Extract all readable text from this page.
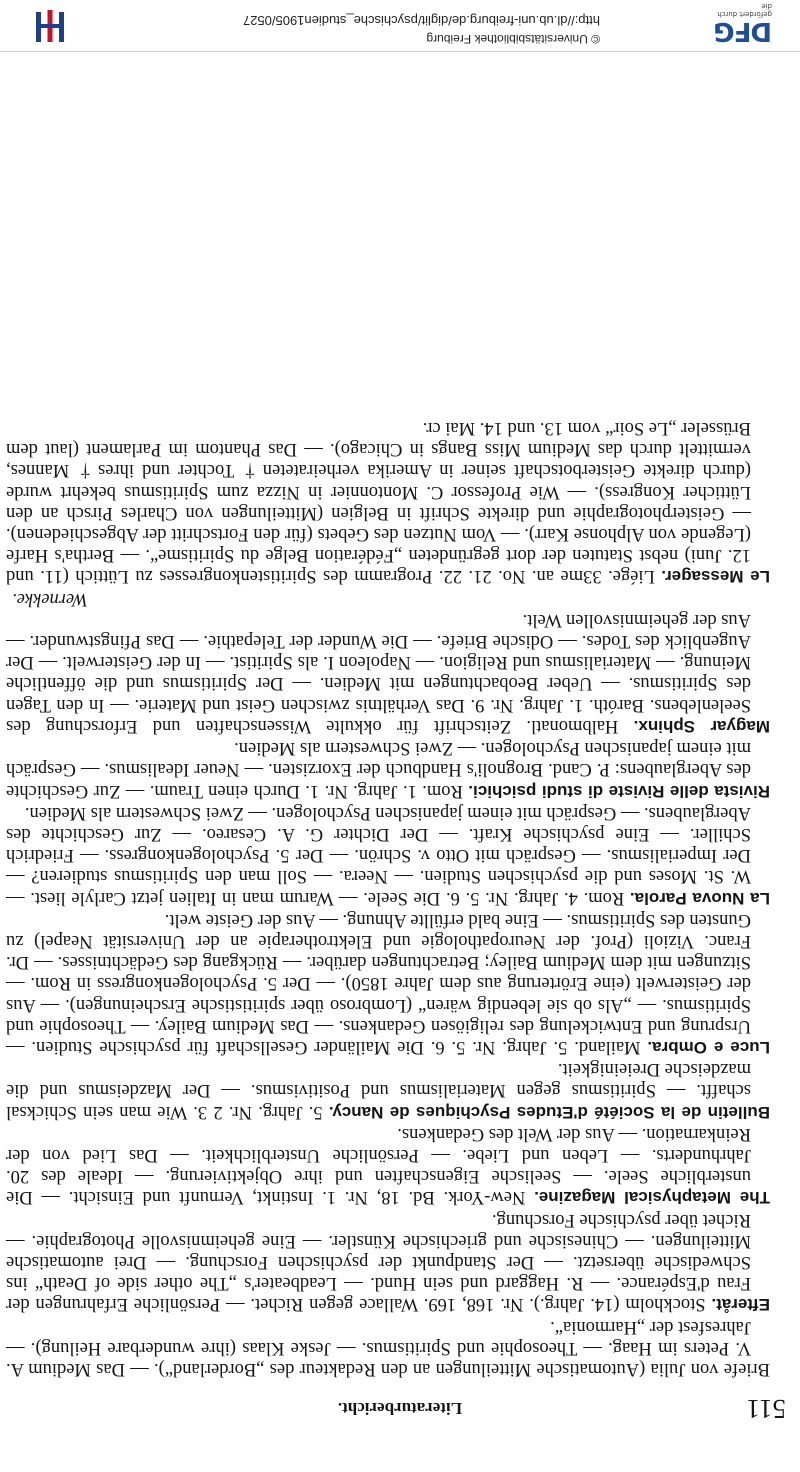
511
Literaturbericht.

Briefe von Julia (Automatische Mitteilungen an den Redakteur des „Borderland“). — Das Medium A. V. Peters im Haag. — Theosophie und Spiritismus. — Jeske Klaas (ihre wunderbare Heilung). — Jahresfest der „Harmonia“.

Efteråt. Stockholm (14. Jahrg.). Nr. 168, 169. Wallace gegen Richet. — Persönliche Erfahrungen der Frau d'Espérance. — R. Haggard und sein Hund. — Leadbeater's „The other side of Death“ ins Schwedische übersetzt. — Der Standpunkt der psychischen Forschung. — Drei automatische Mitteilungen. — Chinesische und griechische Künstler. — Eine geheimnisvolle Photographie. — Richet über psychische Forschung.

The Metaphysical Magazine. New-York. Bd. 18, Nr. 1. Instinkt, Vernunft und Einsicht. — Die unsterbliche Seele. — Seelische Eigenschaften und ihre Objektivierung. — Ideale des 20. Jahrhunderts. — Leben und Liebe. — Persönliche Unsterblichkeit. — Das Lied von der Reinkarnation. — Aus der Welt des Gedankens.

Bulletin de la Société d'Etudes Psychiques de Nancy. 5. Jahrg. Nr. 2 3. Wie man sein Schicksal schafft. — Spiritismus gegen Materialismus und Positivismus. — Der Mazdeismus und die mazdeische Dreieinigkeit.

Luce e Ombra. Mailand. 5. Jahrg. Nr. 5. 6. Die Mailänder Gesellschaft für psychische Studien. — Ursprung und Entwickelung des religiösen Gedankens. — Das Medium Bailey. — Theosophie und Spiritismus. — „Als ob sie lebendig wären“ (Lombroso über spiritistische Erscheinungen). — Aus der Geisterwelt (eine Erörterung aus dem Jahre 1850). — Der 5. Psychologenkongress in Rom. — Sitzungen mit dem Medium Bailey; Betrachtungen darüber. — Rückgang des Gedächtnisses. — Dr. Franc. Vizioli (Prof. der Neuropathologie und Elektrotherapie an der Universität Neapel) zu Gunsten des Spiritismus. — Eine bald erfüllte Ahnung. — Aus der Geiste welt.

La Nuova Parola. Rom. 4. Jahrg. Nr. 5. 6. Die Seele. — Warum man in Italien jetzt Carlyle liest. — W. St. Moses und die psychischen Studien. — Neera. — Soll man den Spiritismus studieren? — Der Imperialismus. — Gespräch mit Otto v. Schrön. — Der 5. Psychologenkongress. — Friedrich Schiller. — Eine psychische Kraft. — Der Dichter G. A. Cesareo. — Zur Geschichte des Aberglaubens. — Gespräch mit einem japanischen Psychologen. — Zwei Schwestern als Medien.

Rivista delle Riviste di studi psichici. Rom. 1. Jahrg. Nr. 1. Durch einen Traum. — Zur Geschichte des Aberglaubens: P. Cand. Brognoli's Handbuch der Exorzisten. — Neuer Idealismus. — Gespräch mit einem japanischen Psychologen. — Zwei Schwestern als Medien.

Magyar Sphinx. Halbmonatl. Zeitschrift für okkulte Wissenschaften und Erforschung des Seelenlebens. Baróth. 1. Jahrg. Nr. 9. Das Verhältnis zwischen Geist und Materie. — In den Tagen des Spiritismus. — Ueber Beobachtungen mit Medien. — Der Spiritismus und die öffentliche Meinung. — Materialismus und Religion. — Napoleon I. als Spiritist. — In der Geisterwelt. — Der Augenblick des Todes. — Odische Briefe. — Die Wunder der Telepathie. — Das Pfingstwunder. — Aus der geheimnisvollen Welt.

Wernekke.

Le Messager. Liége. 33me an. No. 21. 22. Programm des Spiritistenkongresses zu Lüttich (11. und 12. Juni) nebst Statuten der dort gegründeten „Fédération Belge du Spiritisme“. — Bertha's Harfe (Legende von Alphonse Karr). — Vom Nutzen des Gebets (für den Fortschritt der Abgeschiedenen). — Geisterphotographie und direkte Schrift in Belgien (Mitteilungen von Charles Pirsch an den Lütticher Kongress). — Wie Professor C. Montonnier in Nizza zum Spiritismus bekehrt wurde (durch direkte Geisterbotschaft seiner in Amerika verheirateten † Tochter und ihres † Mannes, vermittelt durch das Medium Miss Bangs in Chicago). — Das Phantom im Parlament (laut dem Brüsseler „Le Soir“ vom 13. und 14. Mai cr.

DFG
gefördert durch die
http://dl.ub.uni-freiburg.de/diglit/psychische_studien1905/0527
© Universitätsbibliothek Freiburg
